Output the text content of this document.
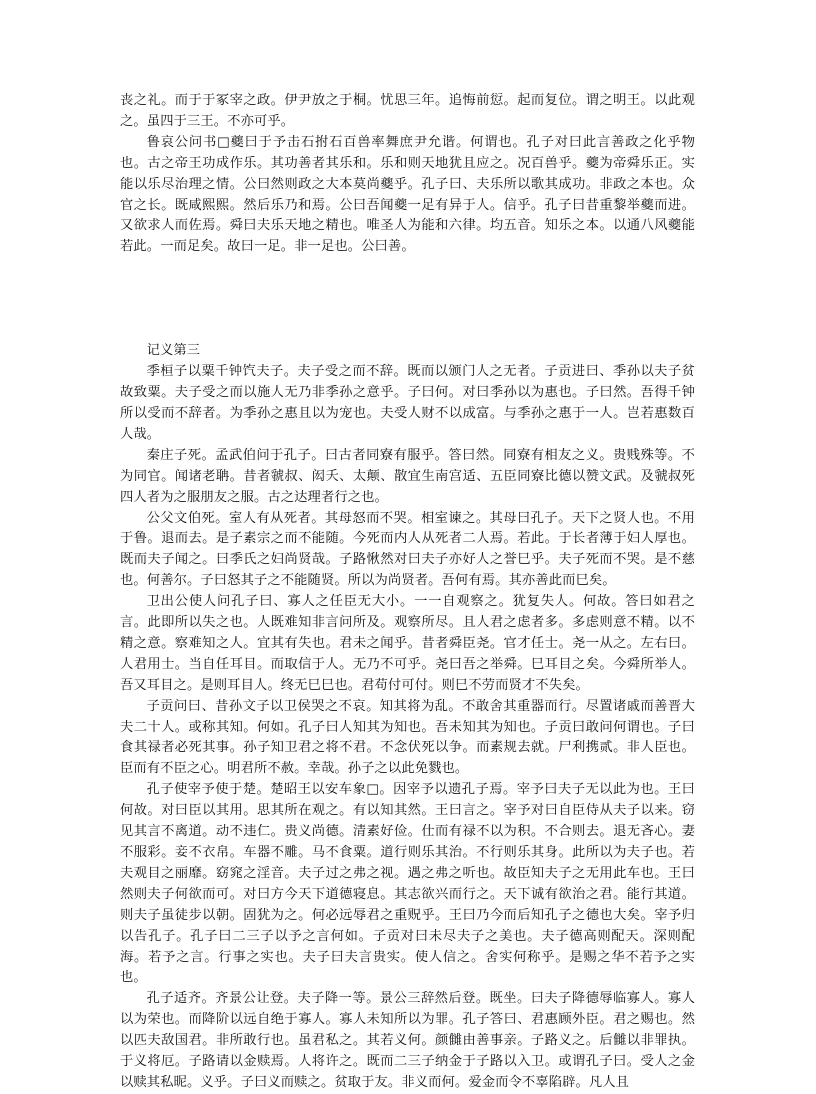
丧之礼。而于于冢宰之政。伊尹放之于桐。忧思三年。追悔前愆。起而复位。谓之明王。以此观之。虽四于三王。不亦可乎。

鲁哀公问书□夔曰于予击石拊石百兽率舞庶尹允谐。何谓也。孔子对曰此言善政之化乎物也。古之帝王功成作乐。其功善者其乐和。乐和则天地犹且应之。况百兽乎。夔为帝舜乐正。实能以乐尽治理之情。公曰然则政之大本莫尚夔乎。孔子曰、夫乐所以歌其成功。非政之本也。众官之长。既咸熙熙。然后乐乃和焉。公曰吾闻夔一足有异于人。信乎。孔子曰昔重黎举夔而进。又欲求人而佐焉。舜曰夫乐天地之精也。唯圣人为能和六律。均五音。知乐之本。以通八风夔能若此。一而足矣。故曰一足。非一足也。公曰善。

记义第三

季桓子以粟千钟饩夫子。夫子受之而不辞。既而以颁门人之无者。子贡进曰、季孙以夫子贫故致粟。夫子受之而以施人无乃非季孙之意乎。子曰何。对曰季孙以为惠也。子曰然。吾得千钟所以受而不辞者。为季孙之惠且以为宠也。夫受人财不以成富。与季孙之惠于一人。岂若惠数百人哉。

秦庄子死。孟武伯问于孔子。曰古者同寮有服乎。答曰然。同寮有相友之义。贵贱殊等。不为同官。闻诸老聃。昔者虢叔、闳夭、太颠、散宜生南宫适、五臣同寮比德以赞文武。及虢叔死四人者为之服朋友之服。古之达理者行之也。

公父文伯死。室人有从死者。其母怒而不哭。相室谏之。其母曰孔子。天下之贤人也。不用于鲁。退而去。是子素宗之而不能随。今死而内人从死者二人焉。若此。于长者薄于妇人厚也。既而夫子闻之。曰季氏之妇尚贤哉。子路愀然对曰夫子亦好人之誉巳乎。夫子死而不哭。是不慈也。何善尔。子曰怒其子之不能随贤。所以为尚贤者。吾何有焉。其亦善此而巳矣。

卫出公使人问孔子曰、寡人之任臣无大小。一一自观察之。犹复失人。何故。答曰如君之言。此即所以失之也。人既难知非言问所及。观察所尽。且人君之虑者多。多虑则意不精。以不精之意。察难知之人。宜其有失也。君未之闻乎。昔者舜臣尧。官才任士。尧一从之。左右曰。人君用士。当自任耳目。而取信于人。无乃不可乎。尧曰吾之举舜。巳耳目之矣。今舜所举人。吾又耳目之。是则耳目人。终无巳巳也。君苟付可付。则巳不劳而贤才不失矣。

子贡问曰、昔孙文子以卫侯哭之不哀。知其将为乱。不敢舍其重器而行。尽置诸戚而善晋大夫二十人。或称其知。何如。孔子曰人知其为知也。吾未知其为知也。子贡曰敢问何谓也。子曰食其禄者必死其事。孙子知卫君之将不君。不念伏死以争。而素规去就。尸利携贰。非人臣也。臣而有不臣之心。明君所不赦。幸哉。孙子之以此免戮也。

孔子使宰予使于楚。楚昭王以安车象□。因宰予以遗孔子焉。宰予曰夫子无以此为也。王曰何故。对曰臣以其用。思其所在观之。有以知其然。王曰言之。宰予对曰自臣侍从夫子以来。窃见其言不离道。动不违仁。贵义尚德。清素好俭。仕而有禄不以为积。不合则去。退无吝心。妻不服彩。妾不衣帛。车器不雕。马不食粟。道行则乐其治。不行则乐其身。此所以为夫子也。若夫观目之丽靡。窈窕之淫音。夫子过之弗之视。遇之弗之听也。故臣知夫子之无用此车也。王曰然则夫子何欲而可。对曰方今天下道德寝息。其志欲兴而行之。天下诚有欲治之君。能行其道。则夫子虽徒步以朝。固犹为之。何必远辱君之重贶乎。王曰乃今而后知孔子之德也大矣。宰予归以告孔子。孔子曰二三子以予之言何如。子贡对曰未尽夫子之美也。夫子德高则配天。深则配海。若予之言。行事之实也。夫子曰夫言贵实。使人信之。舍实何称乎。是赐之华不若予之实也。

孔子适齐。齐景公让登。夫子降一等。景公三辞然后登。既坐。曰夫子降德辱临寡人。寡人以为荣也。而降阶以远自绝于寡人。寡人未知所以为罪。孔子答曰、君惠顾外臣。君之赐也。然以匹夫敌国君。非所敢行也。虽君私之。其若义何。颜雠由善事亲。子路义之。后雠以非罪执。于义将厄。子路请以金赎焉。人将许之。既而二三子纳金于子路以入卫。或谓孔子曰。受人之金以赎其私昵。义乎。子曰义而赎之。贫取于友。非义而何。爱金而令不辜陷辟。凡人且
